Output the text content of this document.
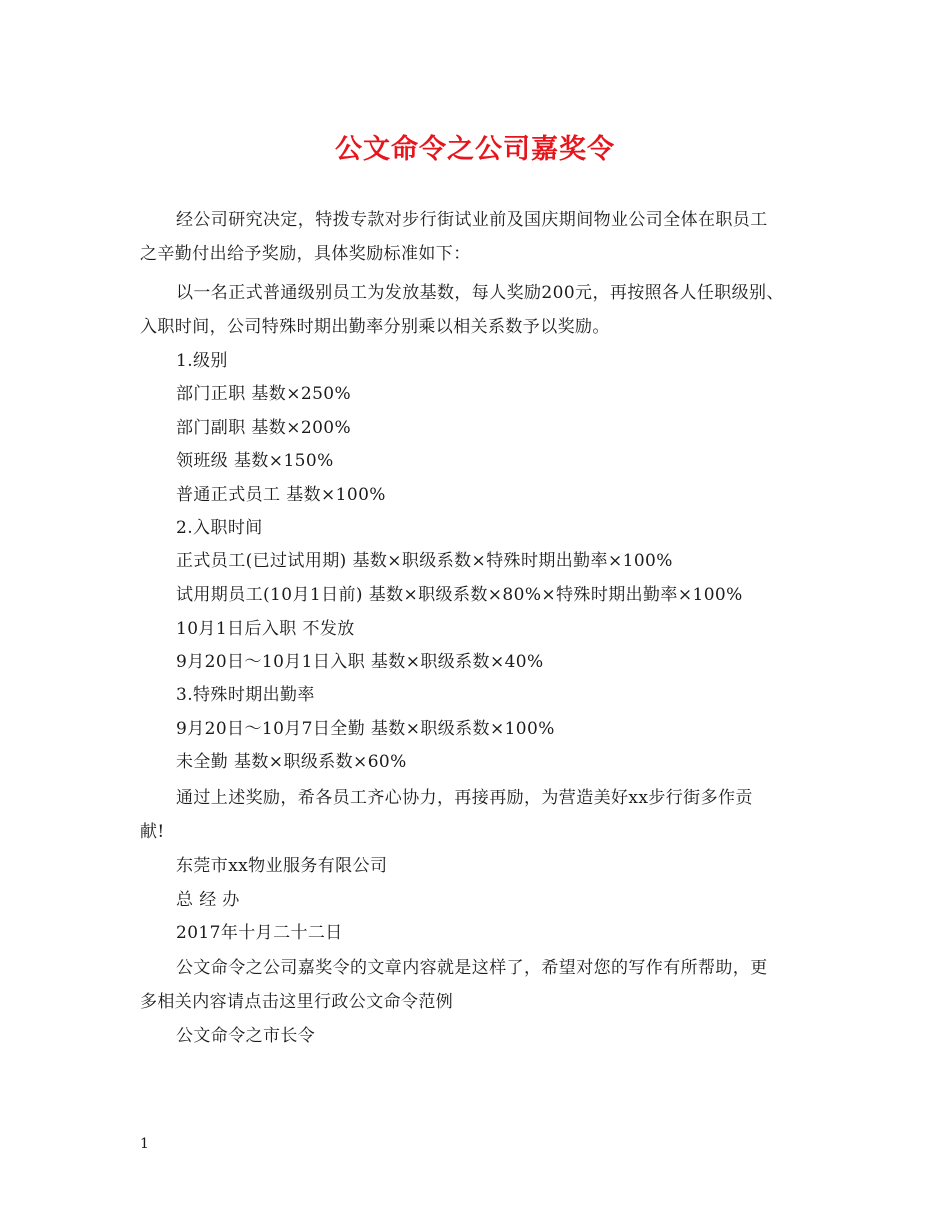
公文命令之公司嘉奖令
经公司研究决定，特拨专款对步行街试业前及国庆期间物业公司全体在职员工
之辛勤付出给予奖励，具体奖励标准如下：
以一名正式普通级别员工为发放基数，每人奖励200元，再按照各人任职级别、
入职时间，公司特殊时期出勤率分别乘以相关系数予以奖励。
1.级别
部门正职 基数×250%
部门副职 基数×200%
领班级 基数×150%
普通正式员工 基数×100%
2.入职时间
正式员工(已过试用期) 基数×职级系数×特殊时期出勤率×100%
试用期员工(10月1日前) 基数×职级系数×80%×特殊时期出勤率×100%
10月1日后入职 不发放
9月20日～10月1日入职 基数×职级系数×40%
3.特殊时期出勤率
9月20日～10月7日全勤 基数×职级系数×100%
未全勤 基数×职级系数×60%
通过上述奖励，希各员工齐心协力，再接再励，为营造美好xx步行街多作贡
献!
东莞市xx物业服务有限公司
总 经 办
2017年十月二十二日
公文命令之公司嘉奖令的文章内容就是这样了，希望对您的写作有所帮助，更
多相关内容请点击这里行政公文命令范例
公文命令之市长令
1
